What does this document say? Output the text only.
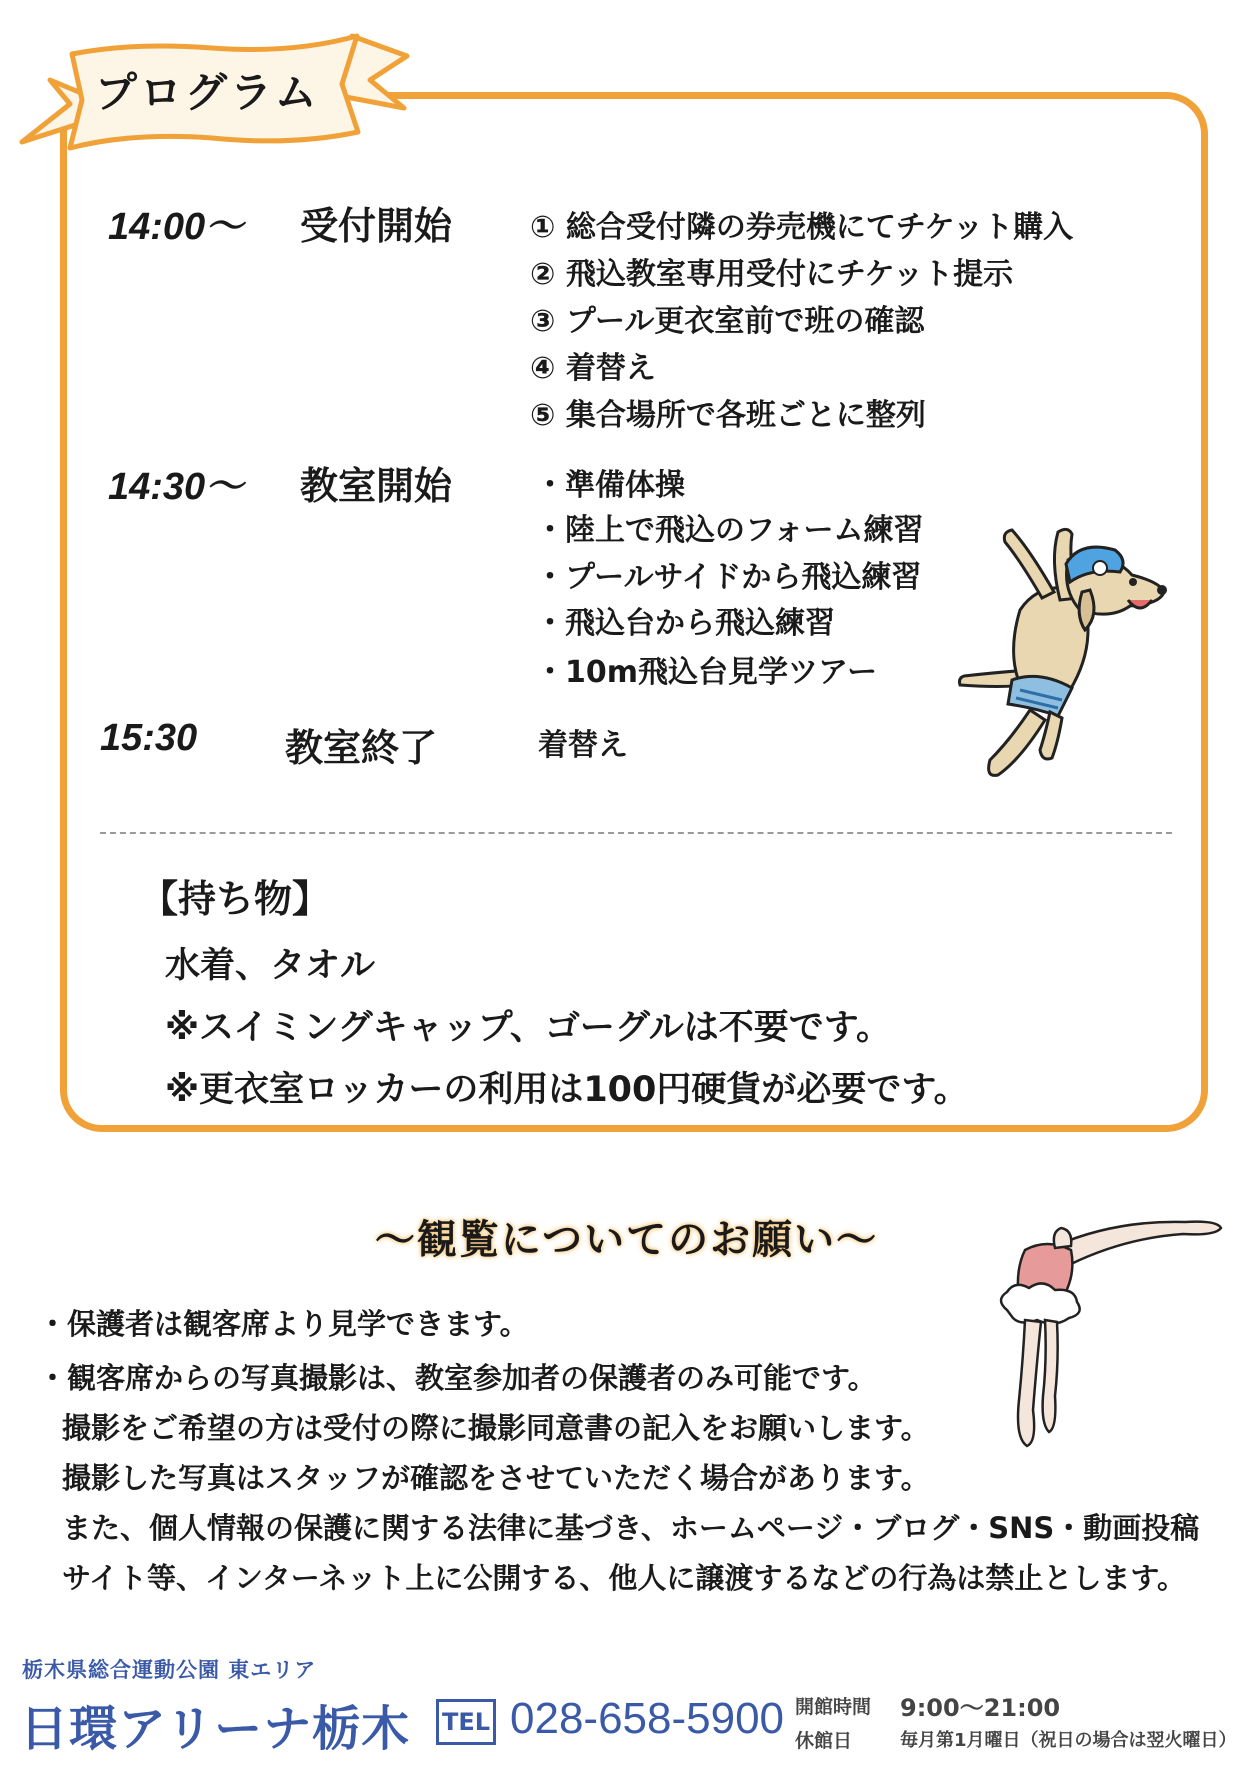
プログラム
14:00〜 受付開始	① 総合受付隣の券売機にてチケット購入
② 飛込教室専用受付にチケット提示
③ プール更衣室前で班の確認
④ 着替え
⑤ 集合場所で各班ごとに整列
14:30〜 教室開始	・準備体操
・陸上で飛込のフォーム練習
・プールサイドから飛込練習
・飛込台から飛込練習
・10m飛込台見学ツアー
15:30 教室終了	着替え
【持ち物】
水着、タオル
※スイミングキャップ、ゴーグルは不要です。
※更衣室ロッカーの利用は100円硬貨が必要です。
〜観覧についてのお願い〜
・保護者は観客席より見学できます。
・観客席からの写真撮影は、教室参加者の保護者のみ可能です。
撮影をご希望の方は受付の際に撮影同意書の記入をお願いします。
撮影した写真はスタッフが確認をさせていただく場合があります。
また、個人情報の保護に関する法律に基づき、ホームページ・ブログ・SNS・動画投稿
サイト等、インターネット上に公開する、他人に譲渡するなどの行為は禁止とします。
栃木県総合運動公園 東エリア
日環アリーナ栃木 TEL 028-658-5900 開館時間 9:00〜21:00
休館日	毎月第1月曜日（祝日の場合は翌火曜日）
